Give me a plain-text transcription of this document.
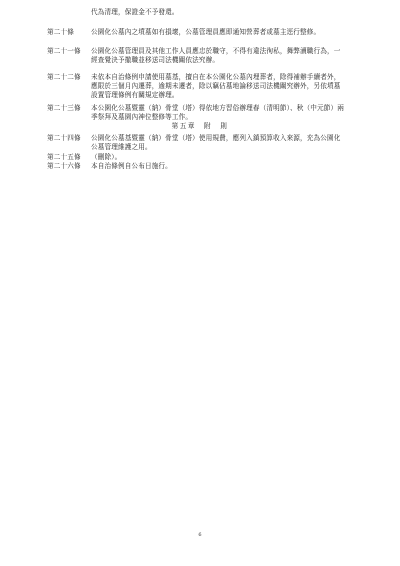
代為清理，保證金不予發還。
第二十條	公園化公墓內之墳墓如有損壞，公墓管理員應即通知營葬者或墓主逕行整修。
第二十一條 公園化公墓管理員及其他工作人員應忠於職守，不得有違法徇私，舞弊瀆職行為，一經查覺決予撤職並移送司法機關依法究辦。
第二十二條 未依本自治條例申請使用墓基，擅自在本公園化公墓內埋葬者，除得補辦手續者外，應限於三個月內遷葬，逾期未遷者，除以竊佔墓地論移送司法機關究辦外，另依墳墓設置管理條例有關規定辦理。
第二十三條 本公園化公墓暨靈（納）骨堂（塔）得依地方習俗辦理春（清明節）、秋（中元節）兩季祭拜及墓園內神位整修等工作。
第五章　附　則
第二十四條 公園化公墓基暨靈（納）骨堂（塔）使用規費，應列入鎮預算收入來源，充為公園化公墓管理維護之用。
第二十五條 （刪除）。
第二十六條 本自治條例自公布日施行。
6
